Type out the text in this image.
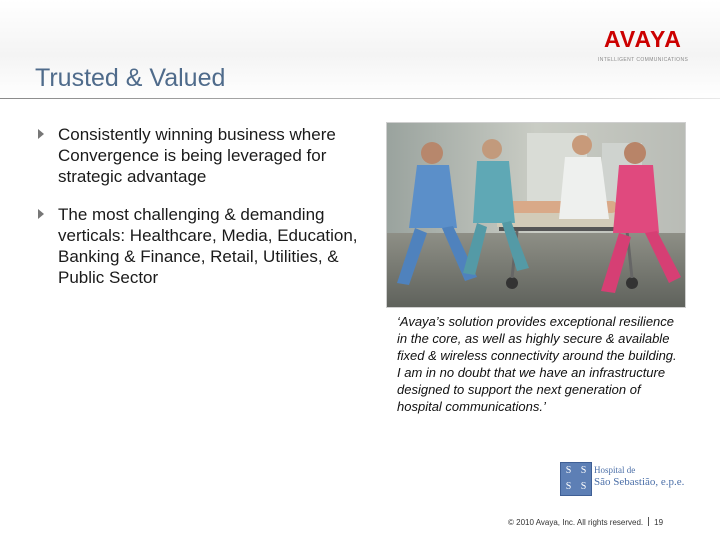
AVAYA
INTELLIGENT COMMUNICATIONS
Trusted & Valued
Consistently winning business where Convergence is being leveraged for strategic advantage
The most challenging & demanding verticals: Healthcare, Media, Education, Banking & Finance, Retail, Utilities, & Public Sector
‘Avaya’s solution provides exceptional resilience in the core, as well as highly secure & available fixed & wireless connectivity around the building. I am in no doubt that we have an infrastructure designed to support the next generation of hospital communications.’
S S
S S
Hospital de
São Sebastião, e.p.e.
© 2010 Avaya, Inc. All rights reserved. 19
